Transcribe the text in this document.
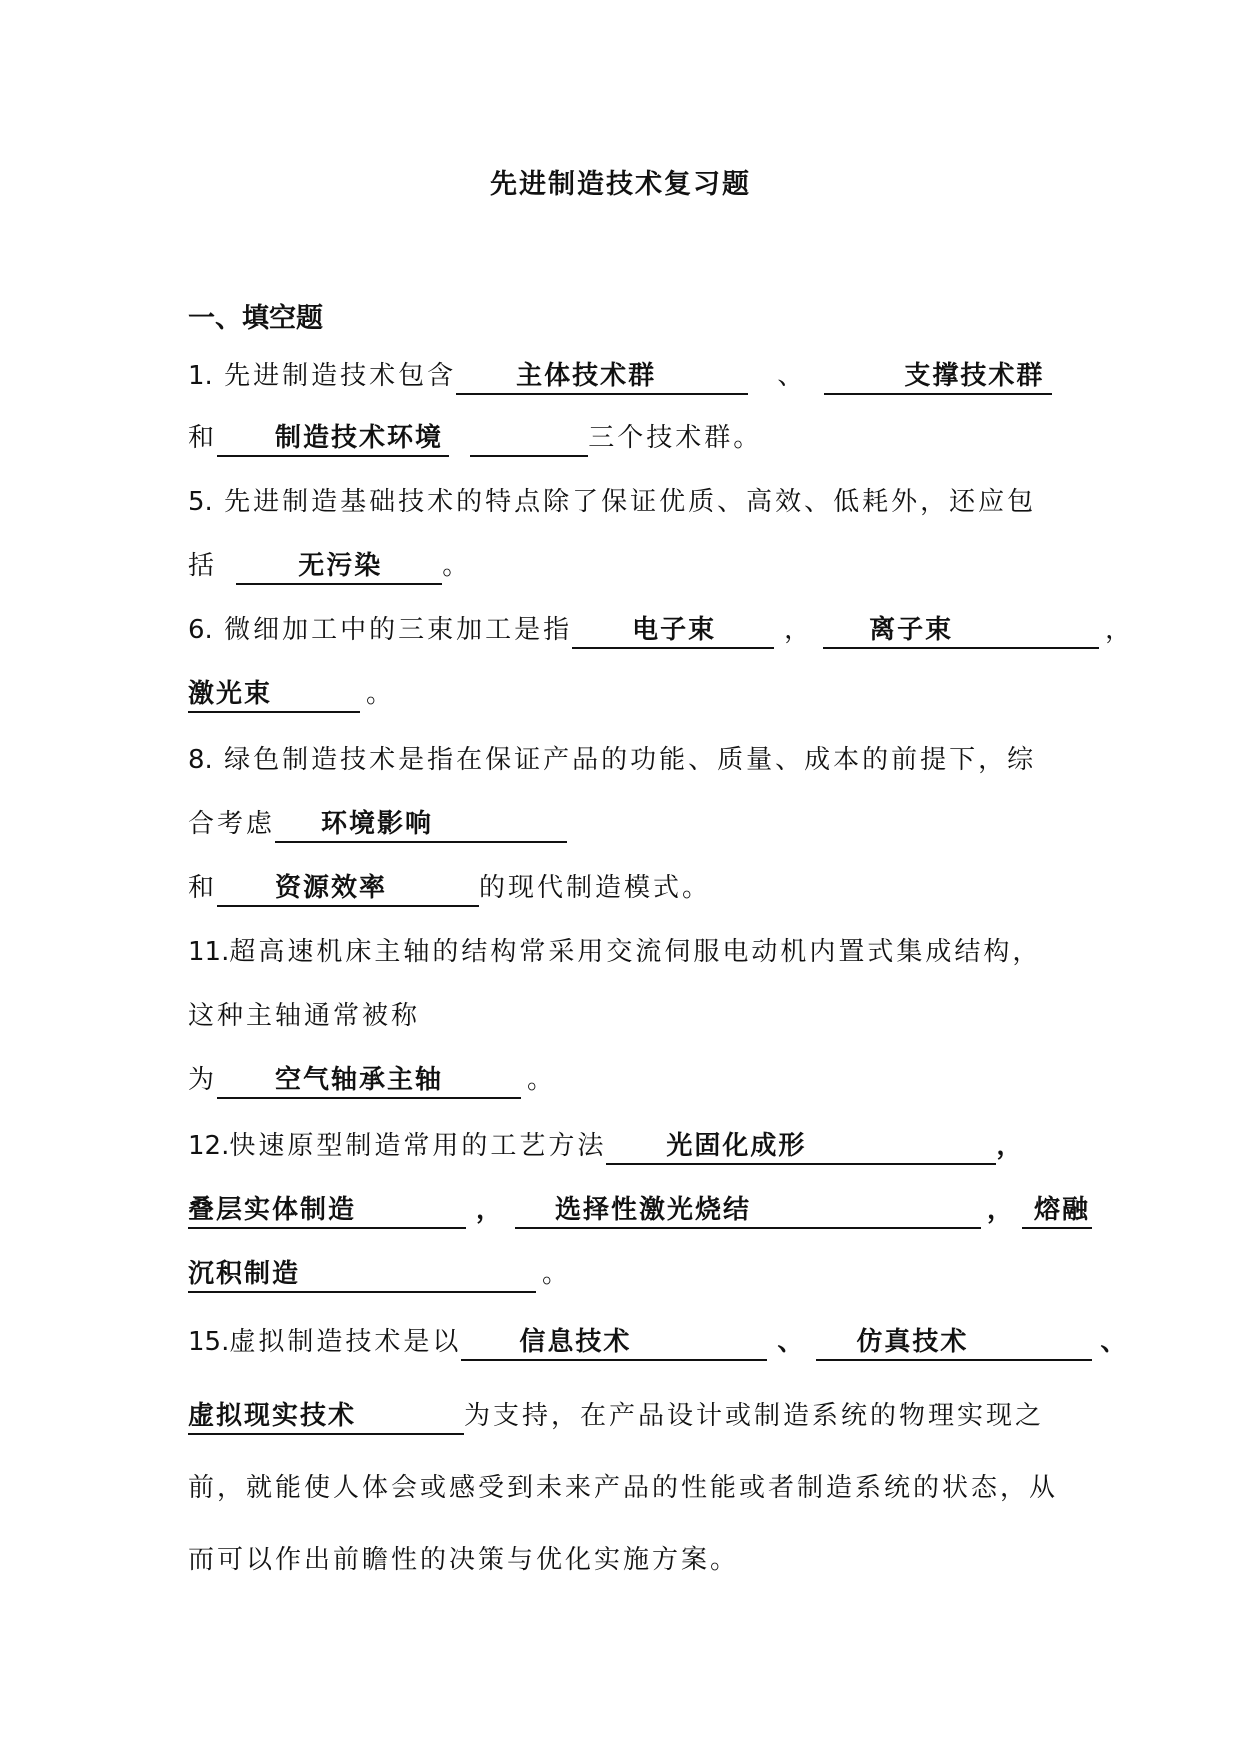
先进制造技术复习题
一、填空题
1. 先进制造技术包含 主体技术群	、	支撑技术群
和 制造技术环境	三个技术群。
5. 先进制造基础技术的特点除了保证优质、高效、低耗外，还应包
括	无污染 。
6. 微细加工中的三束加工是指 电子束	， 离子束	，
激光束	。
8. 绿色制造技术是指在保证产品的功能、质量、成本的前提下，综
合考虑 环境影响
和 资源效率	的现代制造模式。
11.超高速机床主轴的结构常采用交流伺服电动机内置式集成结构，
这种主轴通常被称
为 空气轴承主轴	。
12.快速原型制造常用的工艺方法 光固化成形	，
叠层实体制造	， 选择性激光烧结	， 熔融
沉积制造	。
15.虚拟制造技术是以 信息技术	、 仿真技术	、
虚拟现实技术	为支持，在产品设计或制造系统的物理实现之
前，就能使人体会或感受到未来产品的性能或者制造系统的状态，从
而可以作出前瞻性的决策与优化实施方案。
